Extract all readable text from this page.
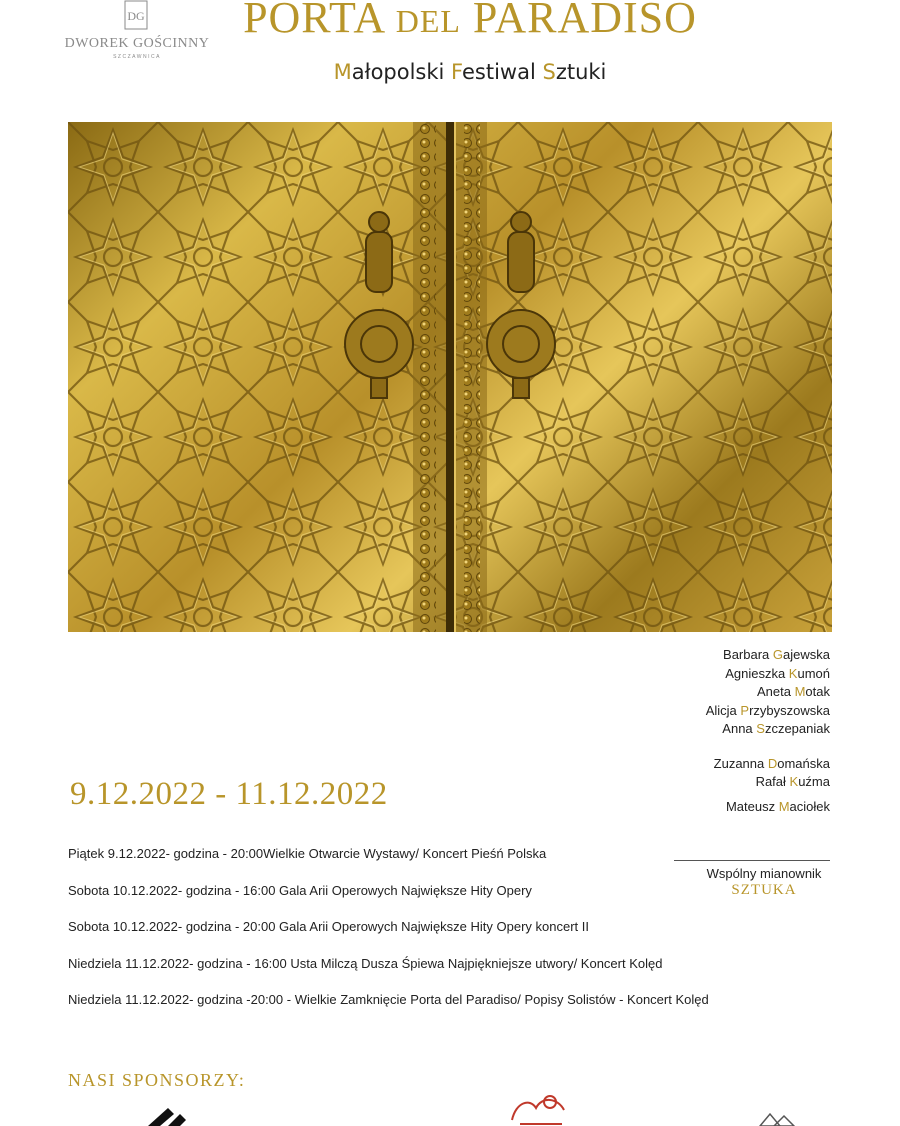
DG
DWOREK GOŚCINNY
SZCZAWNICA
PORTA DEL PARADISO
Małopolski Festiwal Sztuki
Barbara Gajewska
Agnieszka Kumoń
Aneta Motak
Alicja Przybyszowska
Anna Szczepaniak
Zuzanna Domańska
Rafał Kuźma
Mateusz Maciołek
9.12.2022 - 11.12.2022
Piątek 9.12.2022- godzina - 20:00Wielkie Otwarcie Wystawy/ Koncert Pieśń Polska
Sobota 10.12.2022- godzina - 16:00 Gala Arii Operowych Największe Hity Opery
Sobota 10.12.2022- godzina - 20:00 Gala Arii Operowych Największe Hity Opery koncert II
Niedziela 11.12.2022- godzina - 16:00 Usta Milczą Dusza Śpiewa Najpiękniejsze utwory/ Koncert Kolęd
Niedziela 11.12.2022- godzina -20:00 - Wielkie Zamknięcie Porta del Paradiso/ Popisy Solistów - Koncert Kolęd
Wspólny mianownik
SZTUKA
NASI SPONSORZY:
